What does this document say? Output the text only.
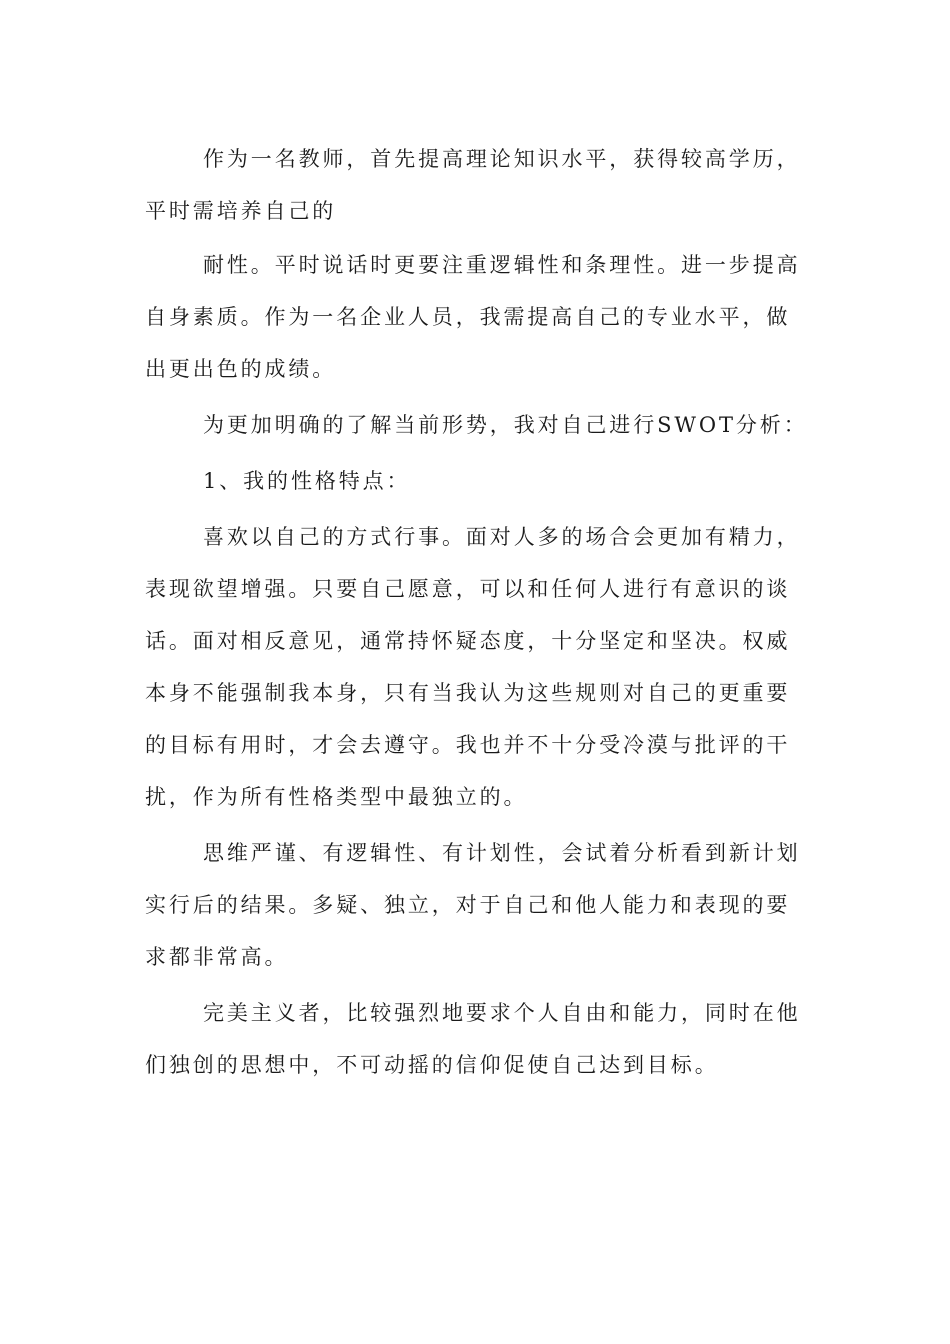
作为一名教师，首先提高理论知识水平，获得较高学历，平时需培养自己的

耐性。平时说话时更要注重逻辑性和条理性。进一步提高自身素质。作为一名企业人员，我需提高自己的专业水平，做出更出色的成绩。

为更加明确的了解当前形势，我对自己进行SWOT分析：

1、我的性格特点：

喜欢以自己的方式行事。面对人多的场合会更加有精力，表现欲望增强。只要自己愿意，可以和任何人进行有意识的谈话。面对相反意见，通常持怀疑态度，十分坚定和坚决。权威本身不能强制我本身，只有当我认为这些规则对自己的更重要的目标有用时，才会去遵守。我也并不十分受冷漠与批评的干扰，作为所有性格类型中最独立的。

思维严谨、有逻辑性、有计划性，会试着分析看到新计划实行后的结果。多疑、独立，对于自己和他人能力和表现的要求都非常高。

完美主义者，比较强烈地要求个人自由和能力，同时在他们独创的思想中，不可动摇的信仰促使自己达到目标。
